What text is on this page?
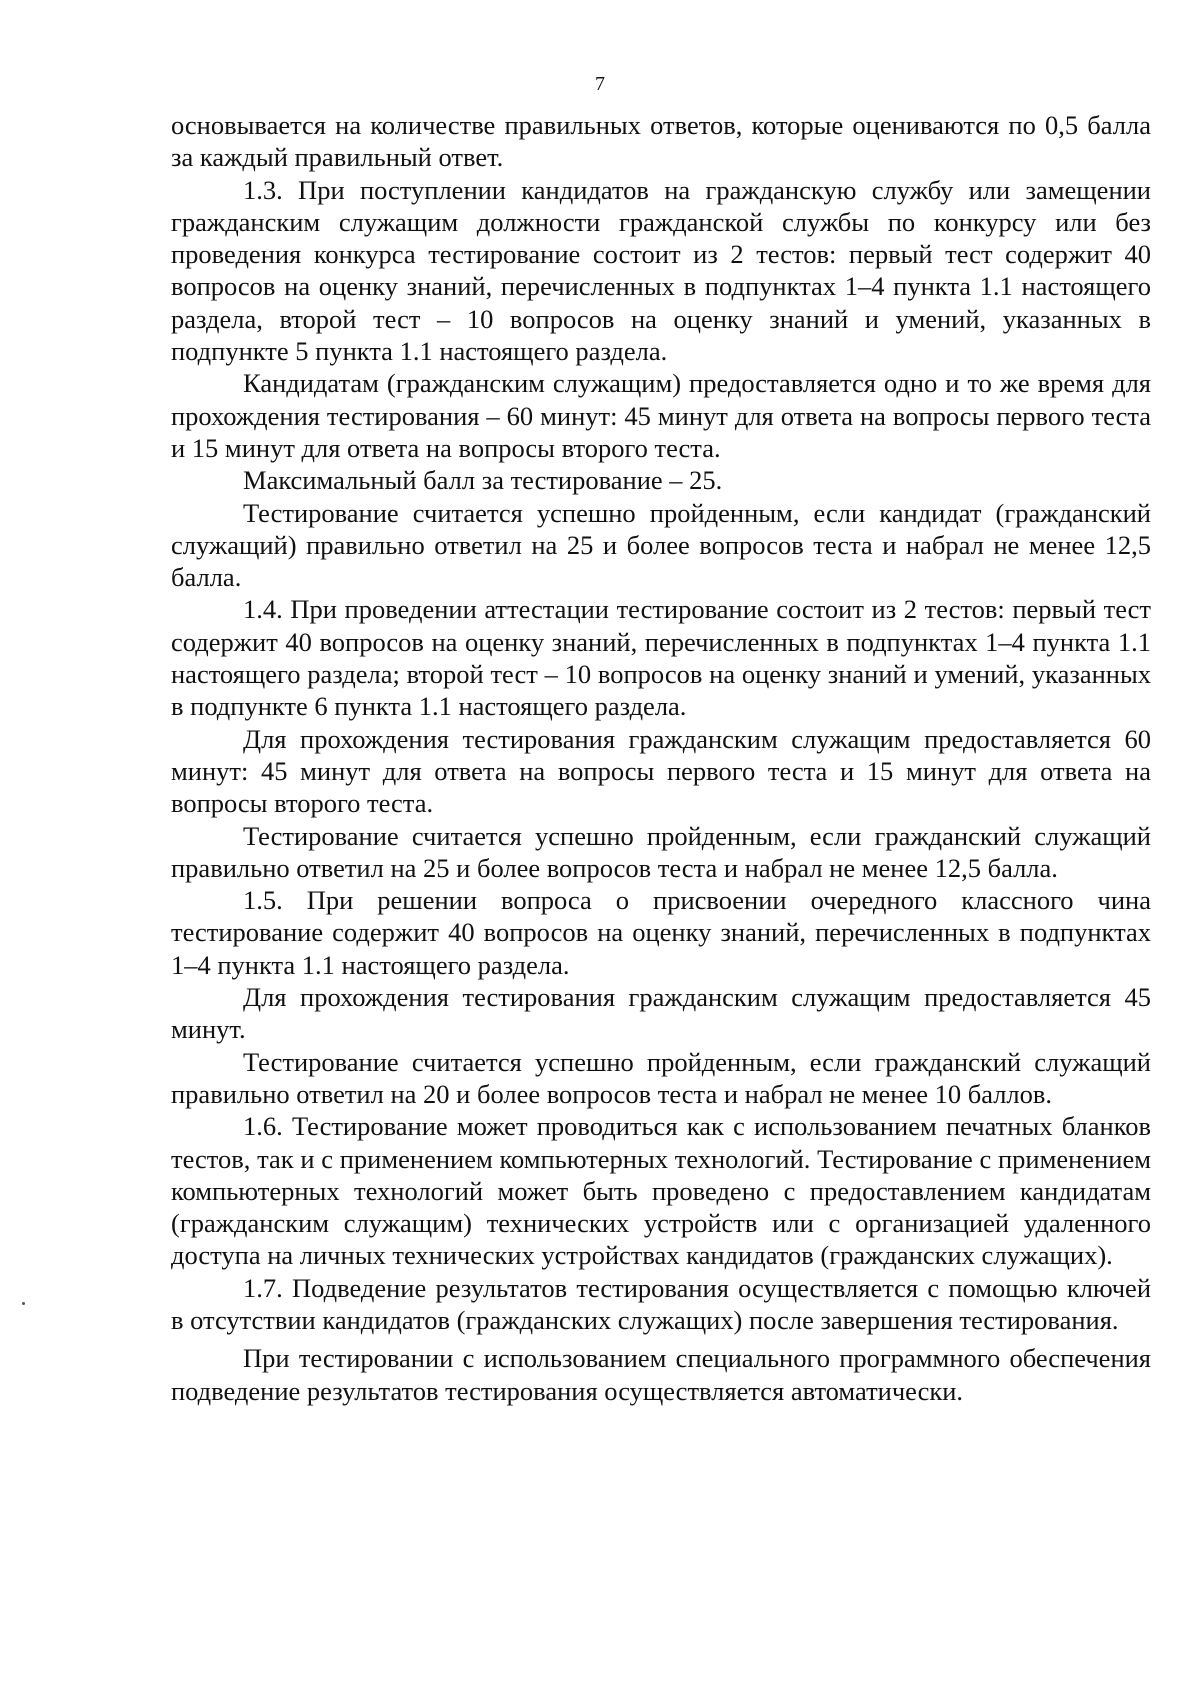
7

основывается на количестве правильных ответов, которые оцениваются по 0,5 балла за каждый правильный ответ.

1.3. При поступлении кандидатов на гражданскую службу или замещении гражданским служащим должности гражданской службы по конкурсу или без проведения конкурса тестирование состоит из 2 тестов: первый тест содержит 40 вопросов на оценку знаний, перечисленных в подпунктах 1–4 пункта 1.1 настоящего раздела, второй тест – 10 вопросов на оценку знаний и умений, указанных в подпункте 5 пункта 1.1 настоящего раздела.

Кандидатам (гражданским служащим) предоставляется одно и то же время для прохождения тестирования – 60 минут: 45 минут для ответа на вопросы первого теста и 15 минут для ответа на вопросы второго теста.

Максимальный балл за тестирование – 25.

Тестирование считается успешно пройденным, если кандидат (гражданский служащий) правильно ответил на 25 и более вопросов теста и набрал не менее 12,5 балла.

1.4. При проведении аттестации тестирование состоит из 2 тестов: первый тест содержит 40 вопросов на оценку знаний, перечисленных в подпунктах 1–4 пункта 1.1 настоящего раздела; второй тест – 10 вопросов на оценку знаний и умений, указанных в подпункте 6 пункта 1.1 настоящего раздела.

Для прохождения тестирования гражданским служащим предоставляется 60 минут: 45 минут для ответа на вопросы первого теста и 15 минут для ответа на вопросы второго теста.

Тестирование считается успешно пройденным, если гражданский служащий правильно ответил на 25 и более вопросов теста и набрал не менее 12,5 балла.

1.5. При решении вопроса о присвоении очередного классного чина тестирование содержит 40 вопросов на оценку знаний, перечисленных в подпунктах 1–4 пункта 1.1 настоящего раздела.

Для прохождения тестирования гражданским служащим предоставляется 45 минут.

Тестирование считается успешно пройденным, если гражданский служащий правильно ответил на 20 и более вопросов теста и набрал не менее 10 баллов.

1.6. Тестирование может проводиться как с использованием печатных бланков тестов, так и с применением компьютерных технологий. Тестирование с применением компьютерных технологий может быть проведено с предоставлением кандидатам (гражданским служащим) технических устройств или с организацией удаленного доступа на личных технических устройствах кандидатов (гражданских служащих).

1.7. Подведение результатов тестирования осуществляется с помощью ключей в отсутствии кандидатов (гражданских служащих) после завершения тестирования.

При тестировании с использованием специального программного обеспечения подведение результатов тестирования осуществляется автоматически.
